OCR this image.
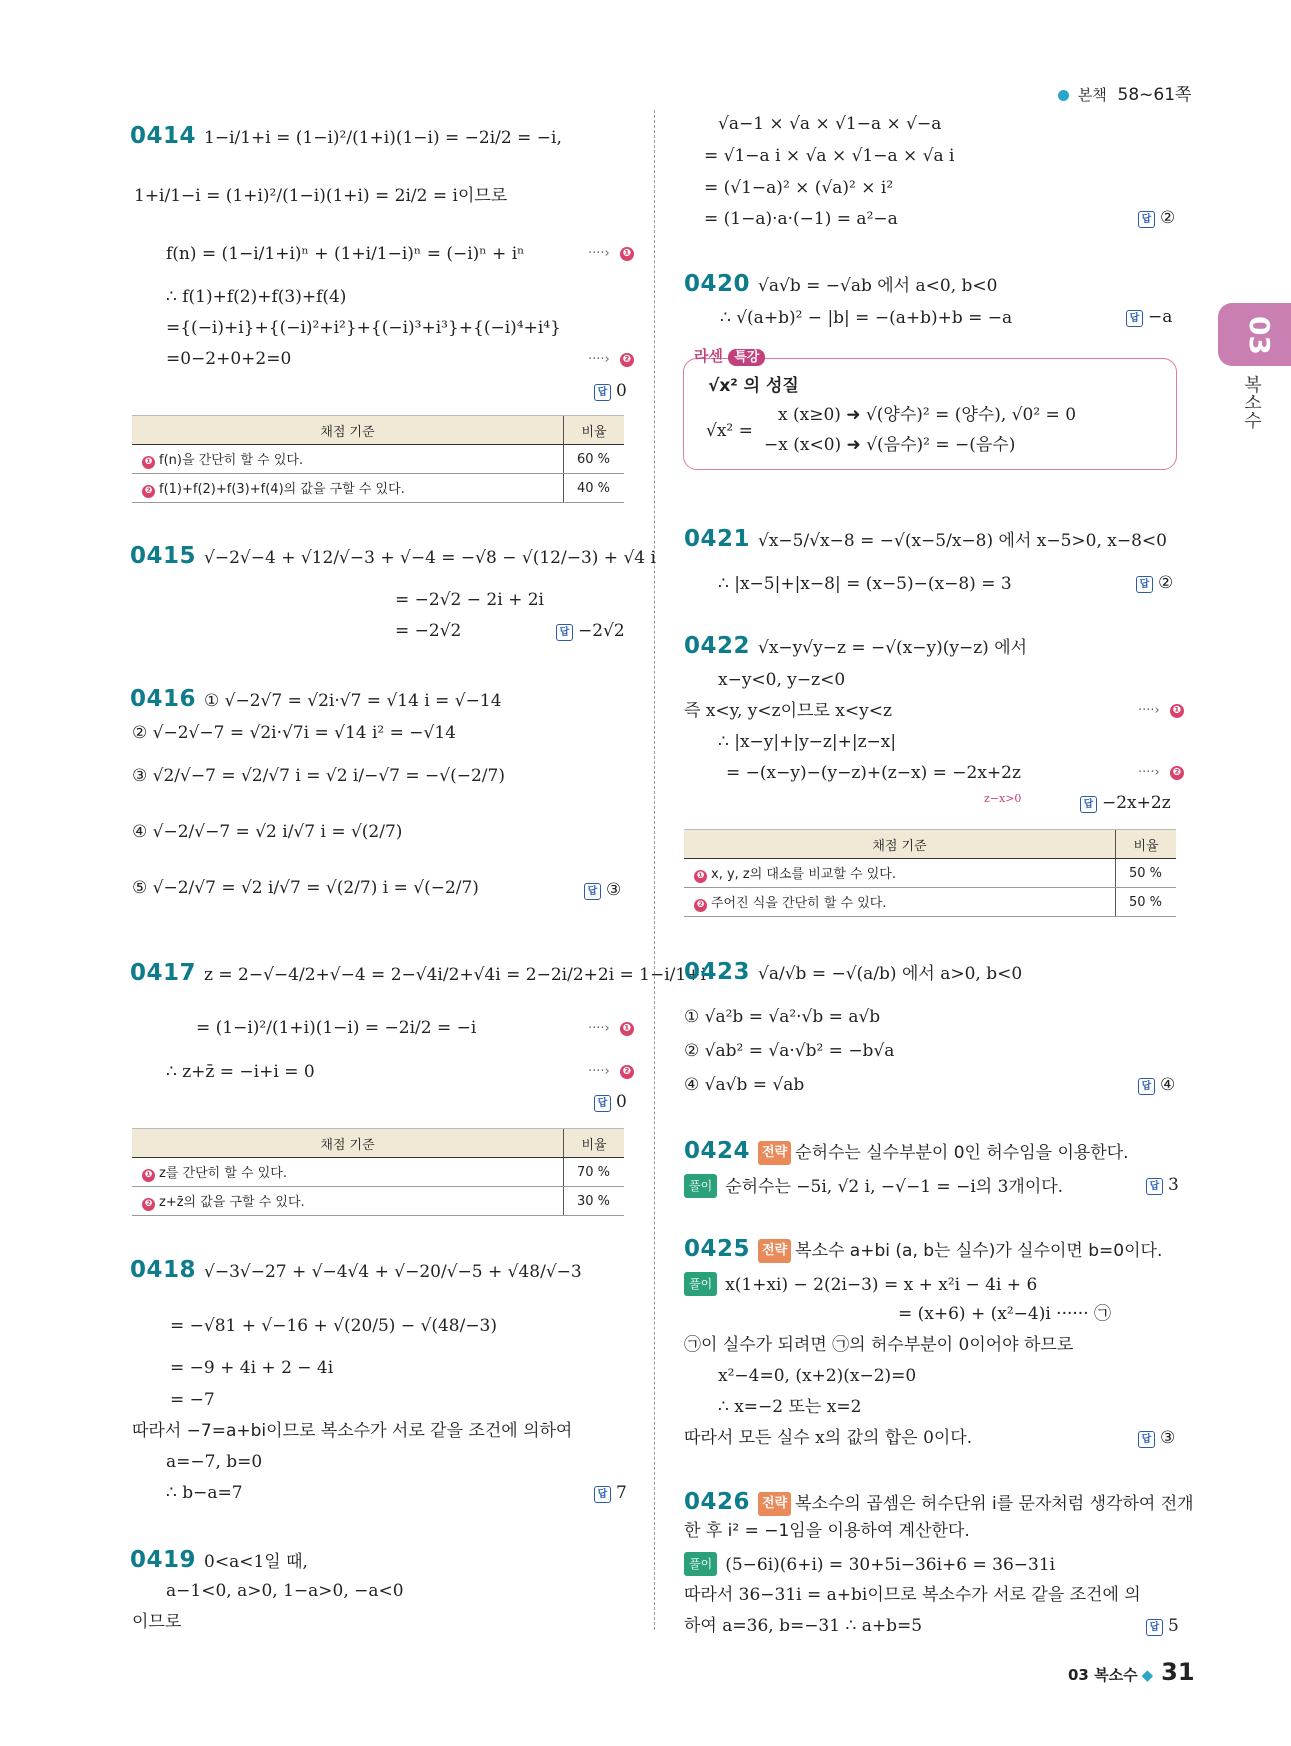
본책 58~61쪽
03
복소수
0414 1−i/1+i = (1−i)²/(1+i)(1−i) = −2i/2 = −i,
1+i/1−i = (1+i)²/(1−i)(1+i) = 2i/2 = i이므로
f(n) = (1−i/1+i)ⁿ + (1+i/1−i)ⁿ = (−i)ⁿ + iⁿ	····› ❶
∴ f(1)+f(2)+f(3)+f(4)
={(−i)+i}+{(−i)²+i²}+{(−i)³+i³}+{(−i)⁴+i⁴}
=0−2+0+2=0	····› ❷
답 0
채점 기준	비율
❶ f(n)을 간단히 할 수 있다.	60 %
❷ f(1)+f(2)+f(3)+f(4)의 값을 구할 수 있다.	40 %
0415 √−2√−4 + √12/√−3 + √−4 = −√8 − √(12/−3) + √4 i
= −2√2 − 2i + 2i
= −2√2	답 −2√2
0416 ① √−2√7 = √2i·√7 = √14 i = √−14
② √−2√−7 = √2i·√7i = √14 i² = −√14
③ √2/√−7 = √2/√7 i = √2 i/−√7 = −√(−2/7)
④ √−2/√−7 = √2 i/√7 i = √(2/7)
⑤ √−2/√7 = √2 i/√7 = √(2/7) i = √(−2/7)	답 ③
0417 z = 2−√−4/2+√−4 = 2−√4i/2+√4i = 2−2i/2+2i = 1−i/1+i
= (1−i)²/(1+i)(1−i) = −2i/2 = −i	····› ❶
∴ z+z̄ = −i+i = 0	····› ❷
답 0
채점 기준	비율
❶ z를 간단히 할 수 있다.	70 %
❷ z+z̄의 값을 구할 수 있다.	30 %
0418 √−3√−27 + √−4√4 + √−20/√−5 + √48/√−3
= −√81 + √−16 + √(20/5) − √(48/−3)
= −9 + 4i + 2 − 4i
= −7
따라서 −7=a+bi이므로 복소수가 서로 같을 조건에 의하여
a=−7, b=0
∴ b−a=7	답 7
0419 0<a<1일 때,
a−1<0, a>0, 1−a>0, −a<0
이므로
√a−1 × √a × √1−a × √−a
= √1−a i × √a × √1−a × √a i
= (√1−a)² × (√a)² × i²
= (1−a)·a·(−1) = a²−a	답 ②
0420 √a√b = −√ab 에서 a<0, b<0
∴ √(a+b)² − |b| = −(a+b)+b = −a	답 −a
라센 특강
√x² 의 성질
√x² =
x (x≥0) ➜ √(양수)² = (양수), √0² = 0
−x (x<0) ➜ √(음수)² = −(음수)
0421 √x−5/√x−8 = −√(x−5/x−8) 에서 x−5>0, x−8<0
∴ |x−5|+|x−8| = (x−5)−(x−8) = 3	답 ②
0422 √x−y√y−z = −√(x−y)(y−z) 에서
x−y<0, y−z<0
즉 x<y, y<z이므로 x<y<z	····› ❶
∴ |x−y|+|y−z|+|z−x|
= −(x−y)−(y−z)+(z−x) = −2x+2z	····› ❷
z−x>0	답 −2x+2z
채점 기준	비율
❶ x, y, z의 대소를 비교할 수 있다.	50 %
❷ 주어진 식을 간단히 할 수 있다.	50 %
0423 √a/√b = −√(a/b) 에서 a>0, b<0
① √a²b = √a²·√b = a√b
② √ab² = √a·√b² = −b√a
④ √a√b = √ab	답 ④
0424 전략 순허수는 실수부분이 0인 허수임을 이용한다.
풀이 순허수는 −5i, √2 i, −√−1 = −i의 3개이다.	답 3
0425 전략 복소수 a+bi (a, b는 실수)가 실수이면 b=0이다.
풀이 x(1+xi) − 2(2i−3) = x + x²i − 4i + 6
= (x+6) + (x²−4)i ······ ㉠
㉠이 실수가 되려면 ㉠의 허수부분이 0이어야 하므로
x²−4=0, (x+2)(x−2)=0
∴ x=−2 또는 x=2
따라서 모든 실수 x의 값의 합은 0이다.	답 ③
0426 전략 복소수의 곱셈은 허수단위 i를 문자처럼 생각하여 전개
한 후 i² = −1임을 이용하여 계산한다.
풀이 (5−6i)(6+i) = 30+5i−36i+6 = 36−31i
따라서 36−31i = a+bi이므로 복소수가 서로 같을 조건에 의
하여 a=36, b=−31 ∴ a+b=5	답 5
03 복소수 ◆ 31
